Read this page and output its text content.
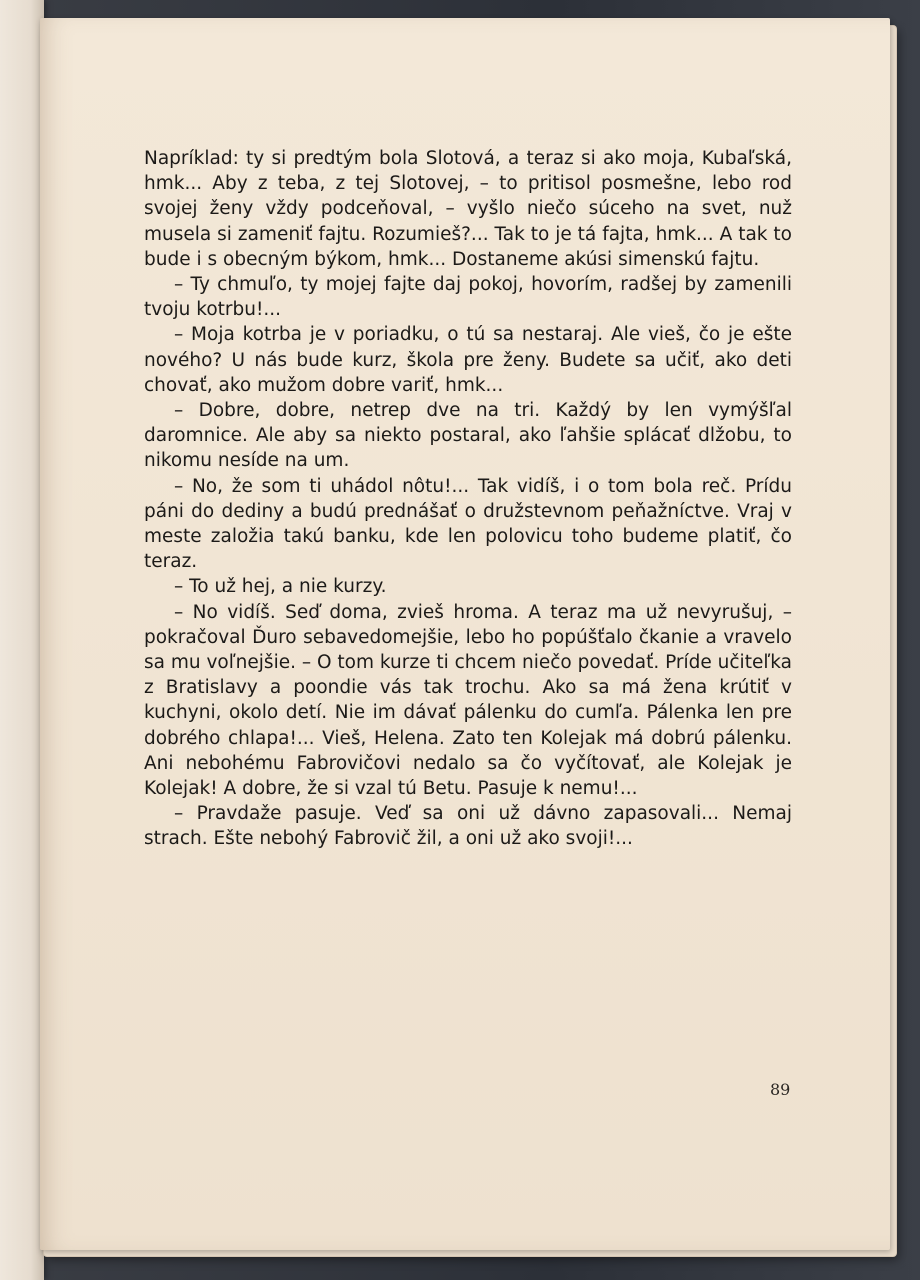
Napríklad: ty si predtým bola Slotová, a teraz si ako moja, Kubaľská, hmk... Aby z teba, z tej Slotovej, – to pritisol posmešne, lebo rod svojej ženy vždy podceňoval, – vyšlo niečo súceho na svet, nuž musela si zameniť fajtu. Rozumieš?... Tak to je tá fajta, hmk... A tak to bude i s obecným býkom, hmk... Dostaneme akúsi simenskú fajtu.

– Ty chmuľo, ty mojej fajte daj pokoj, hovorím, radšej by zamenili tvoju kotrbu!...

– Moja kotrba je v poriadku, o tú sa nestaraj. Ale vieš, čo je ešte nového? U nás bude kurz, škola pre ženy. Budete sa učiť, ako deti chovať, ako mužom dobre variť, hmk...

– Dobre, dobre, netrep dve na tri. Každý by len vymýšľal daromnice. Ale aby sa niekto postaral, ako ľahšie splácať dlžobu, to nikomu nesíde na um.

– No, že som ti uhádol nôtu!... Tak vidíš, i o tom bola reč. Prídu páni do dediny a budú prednášať o družstevnom peňažníctve. Vraj v meste založia takú banku, kde len polovicu toho budeme platiť, čo teraz.

– To už hej, a nie kurzy.

– No vidíš. Seď doma, zvieš hroma. A teraz ma už nevyrušuj, – pokračoval Ďuro sebavedomejšie, lebo ho popúšťalo čkanie a vravelo sa mu voľnejšie. – O tom kurze ti chcem niečo povedať. Príde učiteľka z Bratislavy a poondie vás tak trochu. Ako sa má žena krútiť v kuchyni, okolo detí. Nie im dávať pálenku do cumľa. Pálenka len pre dobrého chlapa!... Vieš, Helena. Zato ten Kolejak má dobrú pálenku. Ani nebohému Fabrovičovi nedalo sa čo vyčítovať, ale Kolejak je Kolejak! A dobre, že si vzal tú Betu. Pasuje k nemu!...

– Pravdaže pasuje. Veď sa oni už dávno zapasovali... Nemaj strach. Ešte nebohý Fabrovič žil, a oni už ako svoji!...

89
